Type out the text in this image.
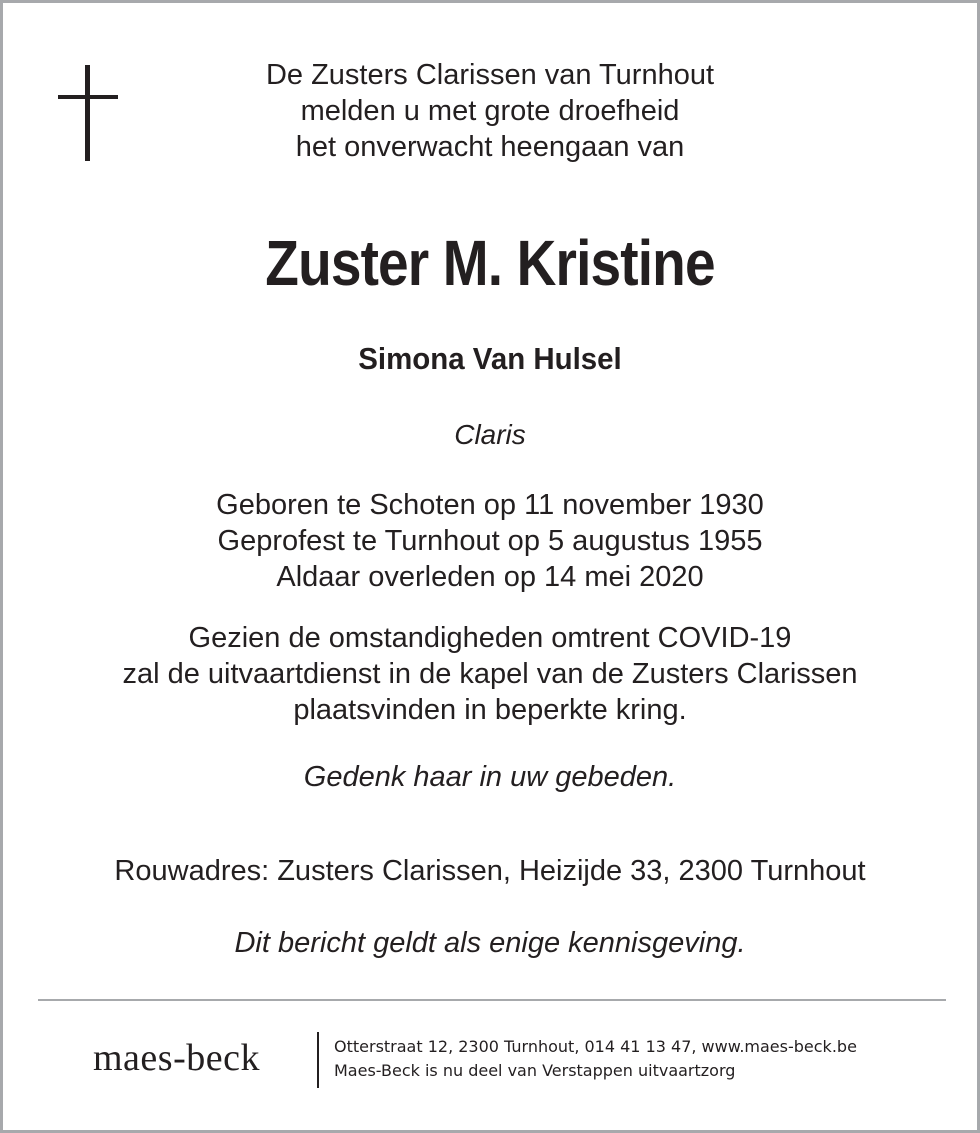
De Zusters Clarissen van Turnhout
melden u met grote droefheid
het onverwacht heengaan van
Zuster M. Kristine
Simona Van Hulsel
Claris
Geboren te Schoten op 11 november 1930
Geprofest te Turnhout op 5 augustus 1955
Aldaar overleden op 14 mei 2020
Gezien de omstandigheden omtrent COVID-19
zal de uitvaartdienst in de kapel van de Zusters Clarissen
plaatsvinden in beperkte kring.
Gedenk haar in uw gebeden.
Rouwadres: Zusters Clarissen, Heizijde 33, 2300 Turnhout
Dit bericht geldt als enige kennisgeving.
maes-beck	Otterstraat 12, 2300 Turnhout, 014 41 13 47, www.maes-beck.be
Maes-Beck is nu deel van Verstappen uitvaartzorg
